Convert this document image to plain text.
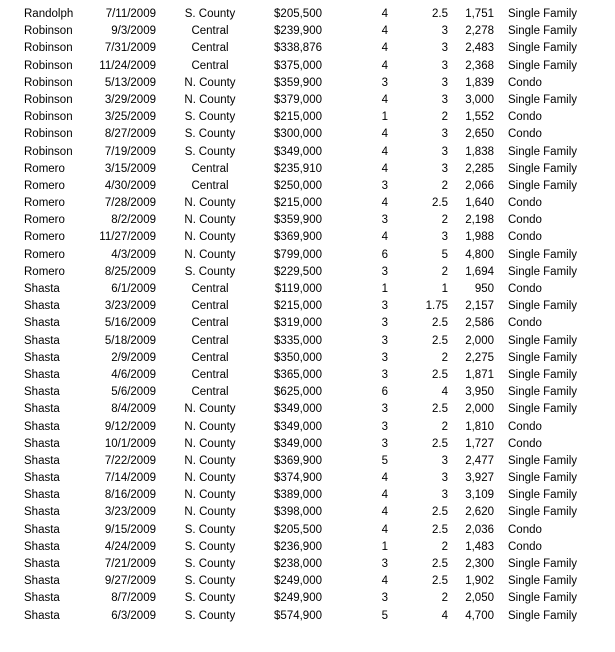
Randolph	7/11/2009	S. County	$205,500	4	2.5	1,751 Single Family
Robinson	9/3/2009	Central	$239,900	4	3	2,278 Single Family
Robinson	7/31/2009	Central	$338,876	4	3	2,483 Single Family
Robinson	11/24/2009	Central	$375,000	4	3	2,368 Single Family
Robinson	5/13/2009	N. County	$359,900	3	3	1,839 Condo
Robinson	3/29/2009	N. County	$379,000	4	3	3,000 Single Family
Robinson	3/25/2009	S. County	$215,000	1	2	1,552 Condo
Robinson	8/27/2009	S. County	$300,000	4	3	2,650 Condo
Robinson	7/19/2009	S. County	$349,000	4	3	1,838 Single Family
Romero	3/15/2009	Central	$235,910	4	3	2,285 Single Family
Romero	4/30/2009	Central	$250,000	3	2	2,066 Single Family
Romero	7/28/2009	N. County	$215,000	4	2.5	1,640 Condo
Romero	8/2/2009	N. County	$359,900	3	2	2,198 Condo
Romero	11/27/2009	N. County	$369,900	4	3	1,988 Condo
Romero	4/3/2009	N. County	$799,000	6	5	4,800 Single Family
Romero	8/25/2009	S. County	$229,500	3	2	1,694 Single Family
Shasta	6/1/2009	Central	$119,000	1	1	950 Condo
Shasta	3/23/2009	Central	$215,000	3	1.75	2,157 Single Family
Shasta	5/16/2009	Central	$319,000	3	2.5	2,586 Condo
Shasta	5/18/2009	Central	$335,000	3	2.5	2,000 Single Family
Shasta	2/9/2009	Central	$350,000	3	2	2,275 Single Family
Shasta	4/6/2009	Central	$365,000	3	2.5	1,871 Single Family
Shasta	5/6/2009	Central	$625,000	6	4	3,950 Single Family
Shasta	8/4/2009	N. County	$349,000	3	2.5	2,000 Single Family
Shasta	9/12/2009	N. County	$349,000	3	2	1,810 Condo
Shasta	10/1/2009	N. County	$349,000	3	2.5	1,727 Condo
Shasta	7/22/2009	N. County	$369,900	5	3	2,477 Single Family
Shasta	7/14/2009	N. County	$374,900	4	3	3,927 Single Family
Shasta	8/16/2009	N. County	$389,000	4	3	3,109 Single Family
Shasta	3/23/2009	N. County	$398,000	4	2.5	2,620 Single Family
Shasta	9/15/2009	S. County	$205,500	4	2.5	2,036 Condo
Shasta	4/24/2009	S. County	$236,900	1	2	1,483 Condo
Shasta	7/21/2009	S. County	$238,000	3	2.5	2,300 Single Family
Shasta	9/27/2009	S. County	$249,000	4	2.5	1,902 Single Family
Shasta	8/7/2009	S. County	$249,900	3	2	2,050 Single Family
Shasta	6/3/2009	S. County	$574,900	5	4	4,700 Single Family
